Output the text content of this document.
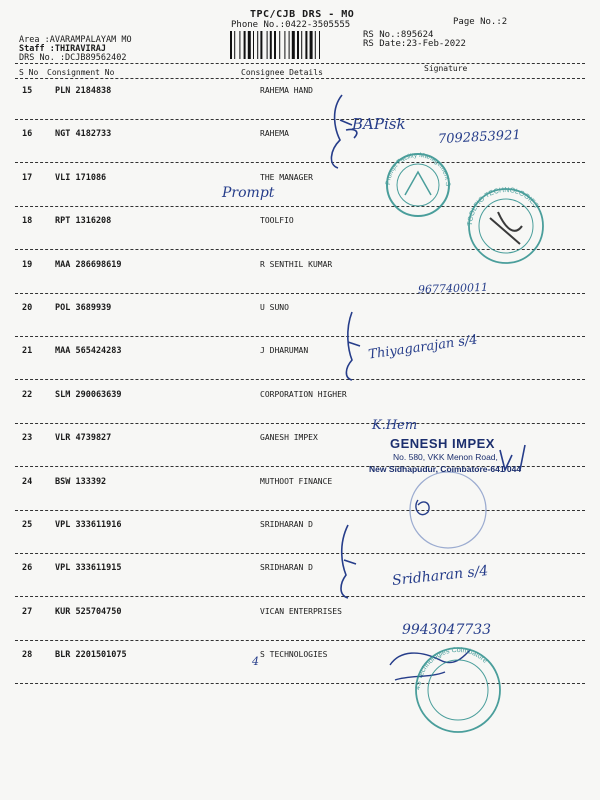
TPC/CJB DRS - MO
Phone No.:0422-3505555	Page No.:2
RS No.:895624
RS Date:23-Feb-2022
Area :AVARAMPALAYAM MO
Staff :THIRAVIRAJ
DRS No. :DCJB89562402
S No Consignment No	Consignee Details	Signature
15	PLN 2184838	RAHEMA HAND
16	NGT 4182733	RAHEMA
17	VLI 171086	THE MANAGER
18	RPT 1316208	TOOLFIO
19	MAA 286698619	R SENTHIL KUMAR
20	POL 3689939	U SUNO
21	MAA 565424283	J DHARUMAN
22	SLM 290063639	CORPORATION HIGHER
23	VLR 4739827	GANESH IMPEX
24	BSW 133392	MUTHOOT FINANCE
25	VPL 333611916	SRIDHARAN D
26	VPL 333611915	SRIDHARAN D
27	KUR 525704750	VICAN ENTERPRISES
28	BLR 2201501075	S TECHNOLOGIES
Prompt Facility Management S
TOOLFIO TECHNOLOGIES
4S Technologies Coimbatore
GENESH IMPEX
No. 580, VKK Menon Road,
New Sidhapudur, Coimbatore-641 044
BAPisk
7092853921
Prompt
9677400011
Thiyagarajan s/4
K.Hem
Sridharan s/4
9943047733
4
